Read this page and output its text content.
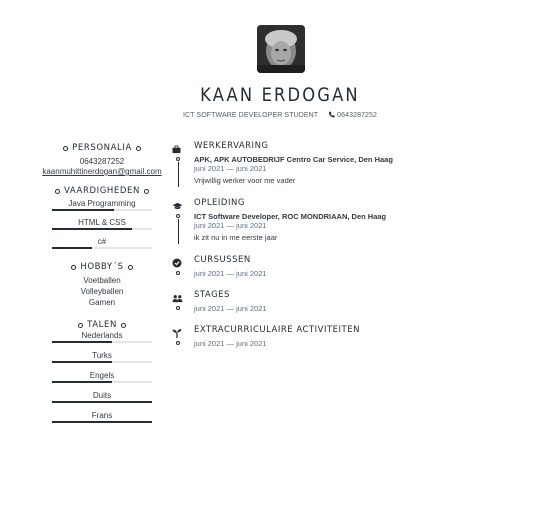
KAAN ERDOGAN
ICT SOFTWARE DEVELOPER STUDENT	0643287252
PERSONALIA
0643287252
kaanmuhittinerdogan@gmail.com
VAARDIGHEDEN
Java Programming
HTML & CSS
c#
HOBBY´S
Voetballen
Volleyballen
Gamen
TALEN
Nederlands
Turks
Engels
Duits
Frans
WERKERVARING
APK, APK AUTOBEDRIJF Centro Car Service, Den Haag
juni 2021 — juni 2021
Vrijwillig werker voor me vader
OPLEIDING
ICT Software Developer, ROC MONDRIAAN, Den Haag
juni 2021 — juni 2021
ik zit nu in me eerste jaar
CURSUSSEN
juni 2021 — juni 2021
STAGES
juni 2021 — juni 2021
EXTRACURRICULAIRE ACTIVITEITEN
juni 2021 — juni 2021
